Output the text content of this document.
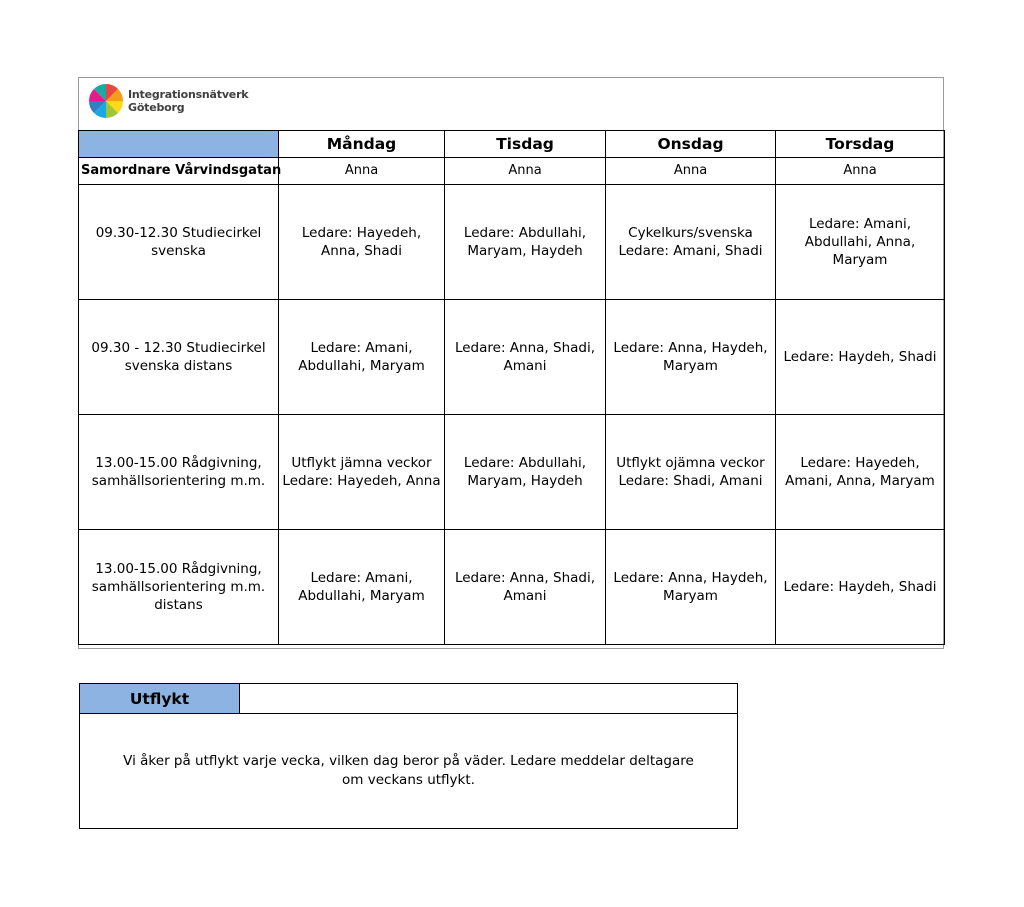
Integrationsnätverk
Göteborg
	Måndag	Tisdag	Onsdag	Torsdag
Samordnare Vårvindsgatan	Anna	Anna	Anna	Anna
09.30-12.30 Studiecirkel svenska	Ledare: Hayedeh, Anna, Shadi	Ledare: Abdullahi, Maryam, Haydeh	Cykelkurs/svenska Ledare: Amani, Shadi	Ledare: Amani, Abdullahi, Anna, Maryam
09.30 - 12.30 Studiecirkel svenska distans	Ledare: Amani, Abdullahi, Maryam	Ledare: Anna, Shadi, Amani	Ledare: Anna, Haydeh, Maryam	Ledare: Haydeh, Shadi
13.00-15.00 Rådgivning, samhällsorientering m.m.	Utflykt jämna veckor Ledare: Hayedeh, Anna	Ledare: Abdullahi, Maryam, Haydeh	Utflykt ojämna veckor Ledare: Shadi, Amani	Ledare: Hayedeh, Amani, Anna, Maryam
13.00-15.00 Rådgivning, samhällsorientering m.m. distans	Ledare: Amani, Abdullahi, Maryam	Ledare: Anna, Shadi, Amani	Ledare: Anna, Haydeh, Maryam	Ledare: Haydeh, Shadi
Utflykt	
Vi åker på utflykt varje vecka, vilken dag beror på väder. Ledare meddelar deltagare om veckans utflykt.
